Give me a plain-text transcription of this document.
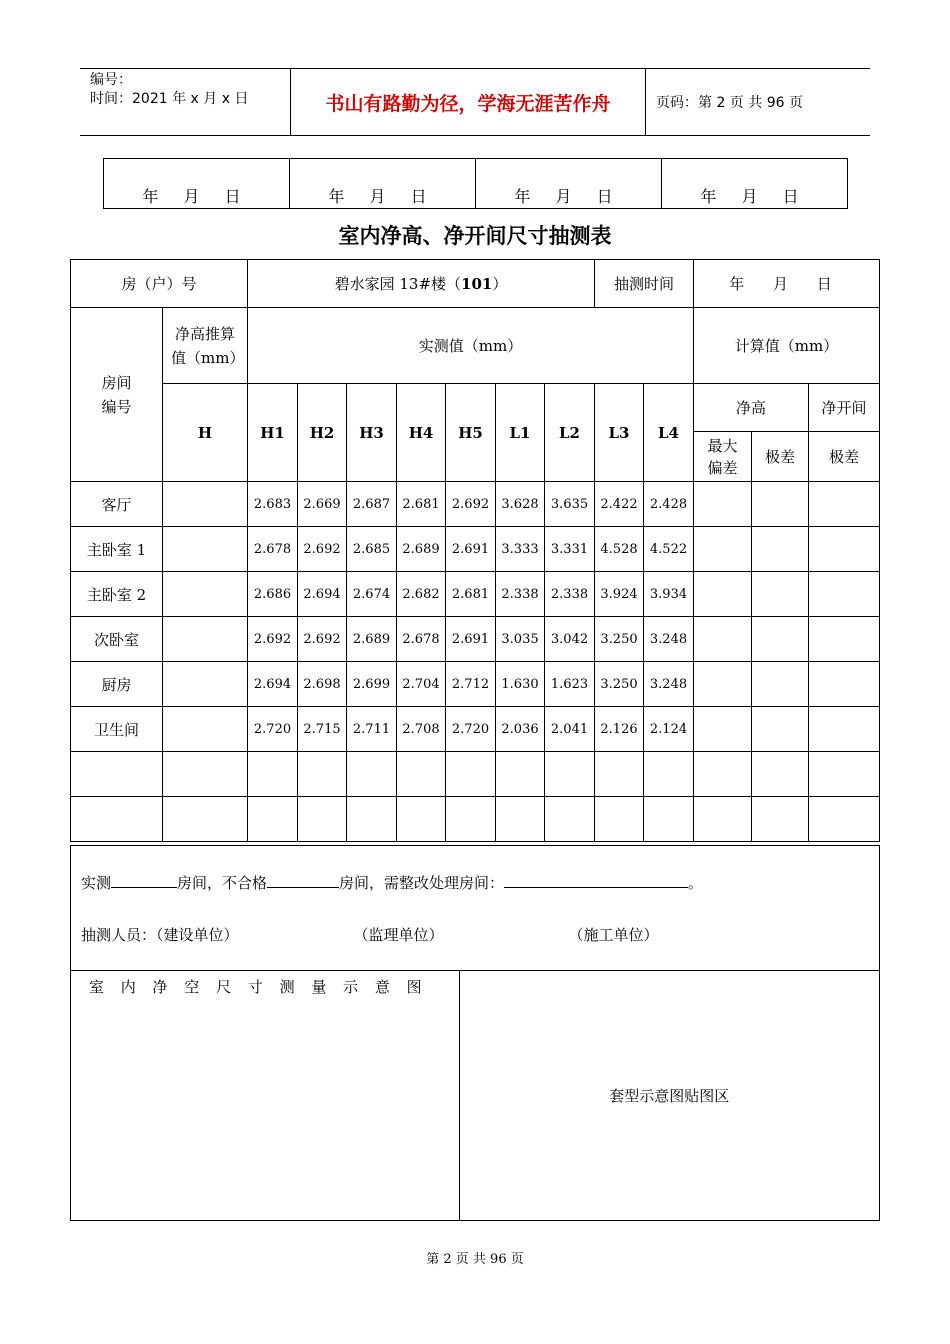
编号：
时间：2021 年 x 月 x 日	书山有路勤为径，学海无涯苦作舟	页码：第 2 页 共 96 页
年 月 日	年 月 日	年 月 日	年 月 日
室内净高、净开间尺寸抽测表
房（户）号		碧水家园 13#楼（101）							抽测时间		年 月 日		
房间
编号	净高推算值（mm）	实测值（mm）									计算值（mm）		
	H	H1	H2	H3	H4	H5	L1	L2	L3	L4	净高		净开间
											最大偏差	极差	极差
客厅		2.683	2.669	2.687	2.681	2.692	3.628	3.635	2.422	2.428			
主卧室 1		2.678	2.692	2.685	2.689	2.691	3.333	3.331	4.528	4.522			
主卧室 2		2.686	2.694	2.674	2.682	2.681	2.338	2.338	3.924	3.934			
次卧室		2.692	2.692	2.689	2.678	2.691	3.035	3.042	3.250	3.248			
厨房		2.694	2.698	2.699	2.704	2.712	1.630	1.623	3.250	3.248			
卫生间		2.720	2.715	2.711	2.708	2.720	2.036	2.041	2.126	2.124			

实测	房间，不合格	房间，需整改处理房间：	。
抽测人员：（建设单位）	（监理单位）	（施工单位）

室 内 净 空 尺 寸 测 量 示 意 图	套型示意图贴图区
第 2 页 共 96 页
